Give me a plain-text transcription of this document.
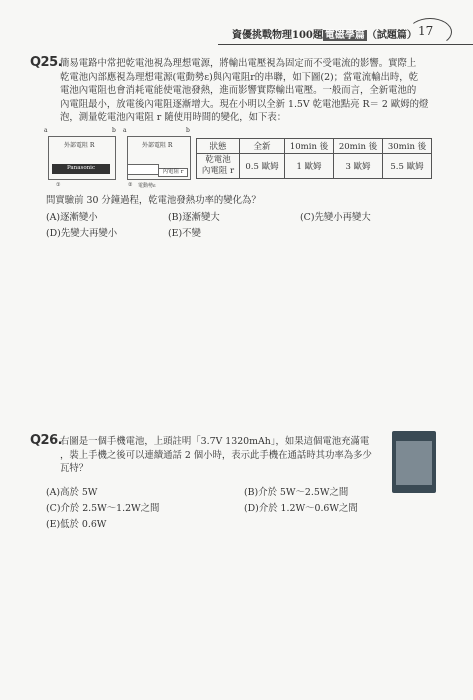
資優挑戰物理100題 電磁學篇 （試題篇） 17
Q25.
簡易電路中常把乾電池視為理想電源，將輸出電壓視為固定而不受電流的影響。實際上
乾電池內部應視為理想電源(電動勢ε)與內電阻r的串聯，如下圖(2)；當電流輸出時，乾
電池內電阻也會消耗電能使電池發熱，進而影響實際輸出電壓。一般而言，全新電池的
內電阻最小，放電後內電阻逐漸增大。現在小明以全新 1.5V 乾電池點亮 R＝ 2 歐姆的燈
泡，測量乾電池內電阻 r 隨使用時間的變化，如下表：
a	b
外部電阻 R
Panasonic
①
a	b
外部電阻 R
內電阻 r
② 電動勢ε
狀態	全新	10min 後	20min 後	30min 後

乾電池
內電阻 r	0.5 歐姆	1 歐姆	3 歐姆	5.5 歐姆
問實驗前 30 分鐘過程，乾電池發熱功率的變化為？
(A)逐漸變小	(B)逐漸變大	(C)先變小再變大
(D)先變大再變小	(E)不變
Q26.
右圖是一個手機電池，上頭註明「3.7V 1320mAh」，如果這個電池充滿電
，裝上手機之後可以連續通話 2 個小時，表示此手機在通話時其功率為多少
瓦特？
(A)高於 5W	(B)介於 5W～2.5W之間
(C)介於 2.5W～1.2W之間	(D)介於 1.2W～0.6W之間
(E)低於 0.6W
